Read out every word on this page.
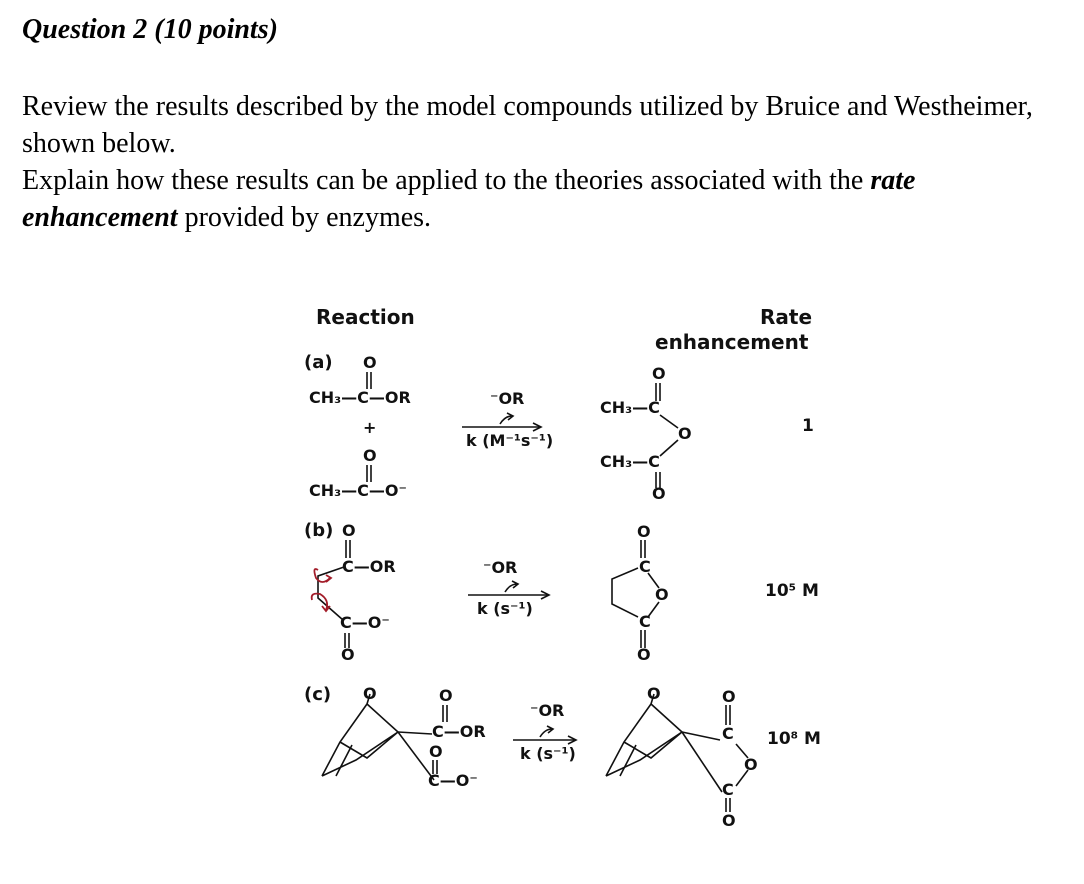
Question 2 (10 points)

Review the results described by the model compounds utilized by Bruice and Westheimer, shown below.

Explain how these results can be applied to the theories associated with the rate enhancement provided by enzymes.

Reaction	Rate
enhancement
(a) O
CH₃—C—OR
+
O
CH₃—C—O⁻
⁻OR
k (M⁻¹s⁻¹)
O
CH₃—C
O
CH₃—C
O
1
(b) O
C—OR
C—O⁻
O
⁻OR
k (s⁻¹)
O
C
O
C
O
10⁵ M
(c) O	O
C—OR
O
C—O⁻
⁻OR
k (s⁻¹)
O	O
C
O
C
O
10⁸ M
